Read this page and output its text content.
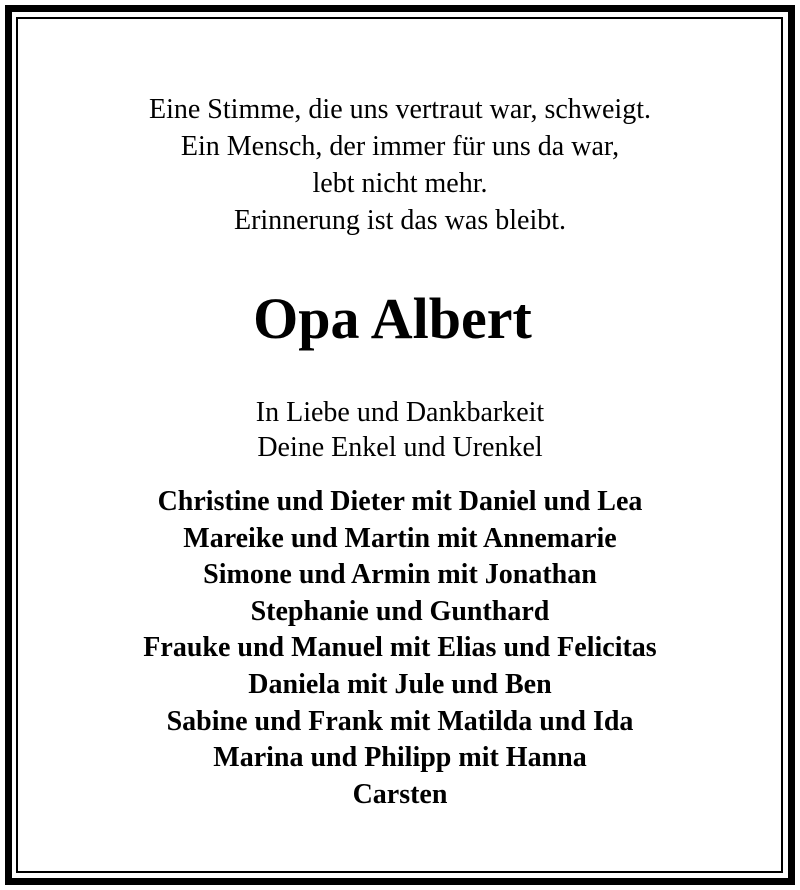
Eine Stimme, die uns vertraut war, schweigt.
Ein Mensch, der immer für uns da war,
lebt nicht mehr.
Erinnerung ist das was bleibt.
Opa Albert
In Liebe und Dankbarkeit
Deine Enkel und Urenkel
Christine und Dieter mit Daniel und Lea
Mareike und Martin mit Annemarie
Simone und Armin mit Jonathan
Stephanie und Gunthard
Frauke und Manuel mit Elias und Felicitas
Daniela mit Jule und Ben
Sabine und Frank mit Matilda und Ida
Marina und Philipp mit Hanna
Carsten
